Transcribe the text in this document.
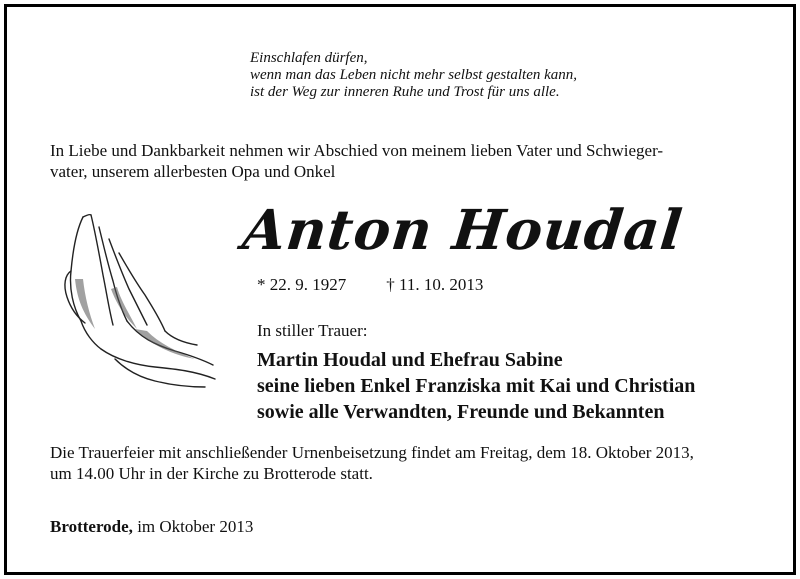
Einschlafen dürfen,
wenn man das Leben nicht mehr selbst gestalten kann,
ist der Weg zur inneren Ruhe und Trost für uns alle.
In Liebe und Dankbarkeit nehmen wir Abschied von meinem lieben Vater und Schwieger-
vater, unserem allerbesten Opa und Onkel
Anton Houdal
* 22. 9. 1927 † 11. 10. 2013
In stiller Trauer:
Martin Houdal und Ehefrau Sabine
seine lieben Enkel Franziska mit Kai und Christian
sowie alle Verwandten, Freunde und Bekannten
Die Trauerfeier mit anschließender Urnenbeisetzung findet am Freitag, dem 18. Oktober 2013,
um 14.00 Uhr in der Kirche zu Brotterode statt.
Brotterode, im Oktober 2013
